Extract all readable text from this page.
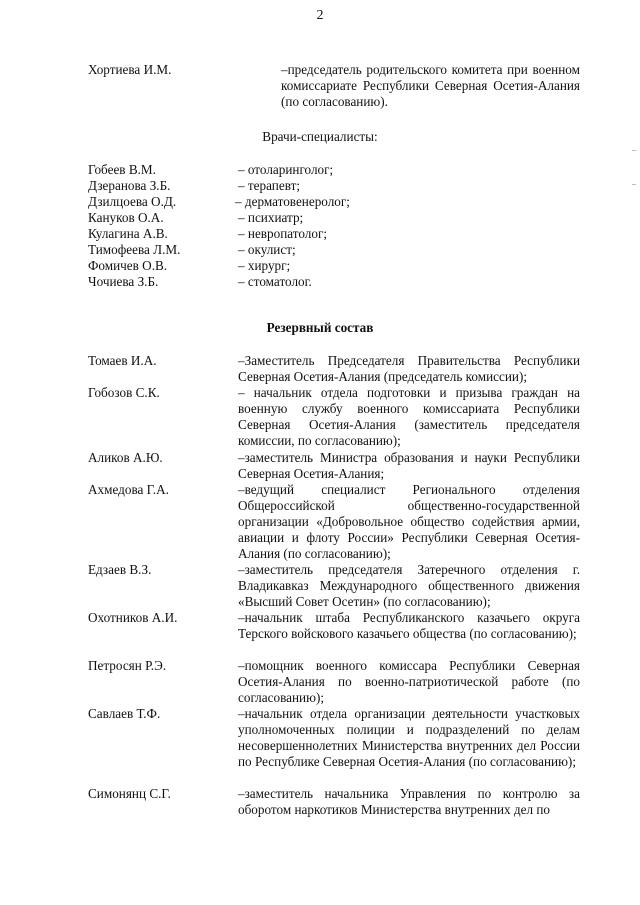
2
Хортиева И.М.	–председатель родительского комитета при военном комиссариате Республики Северная Осетия-Алания (по согласованию).
Врачи-специалисты:
Гобеев В.М.	– отоларинголог;
Дзеранова З.Б.	– терапевт;
Дзилцоева О.Д.	– дерматовенеролог;
Кануков О.А.	– психиатр;
Кулагина А.В.	– невропатолог;
Тимофеева Л.М.	– окулист;
Фомичев О.В.	– хирург;
Чочиева З.Б.	– стоматолог.
Резервный состав
Томаев И.А.	–Заместитель Председателя Правительства Республики Северная Осетия-Алания (председатель комиссии);
Гобозов С.К.	– начальник отдела подготовки и призыва граждан на военную службу военного комиссариата Республики Северная Осетия-Алания (заместитель председателя комиссии, по согласованию);
Аликов А.Ю.	–заместитель Министра образования и науки Республики Северная Осетия-Алания;
Ахмедова Г.А.	–ведущий специалист Регионального отделения Общероссийской общественно-государственной организации «Добровольное общество содействия армии, авиации и флоту России» Республики Северная Осетия-Алания (по согласованию);
Едзаев В.З.	–заместитель председателя Затеречного отделения г. Владикавказ Международного общественного движения «Высший Совет Осетин» (по согласованию);
Охотников А.И.	–начальник штаба Республиканского казачьего округа Терского войскового казачьего общества (по согласованию);
Петросян Р.Э.	–помощник военного комиссара Республики Северная Осетия-Алания по военно-патриотической работе (по согласованию);
Савлаев Т.Ф.	–начальник отдела организации деятельности участковых уполномоченных полиции и подразделений по делам несовершеннолетних Министерства внутренних дел России по Республике Северная Осетия-Алания (по согласованию);
Симонянц С.Г.	–заместитель начальника Управления по контролю за оборотом наркотиков Министерства внутренних дел по
